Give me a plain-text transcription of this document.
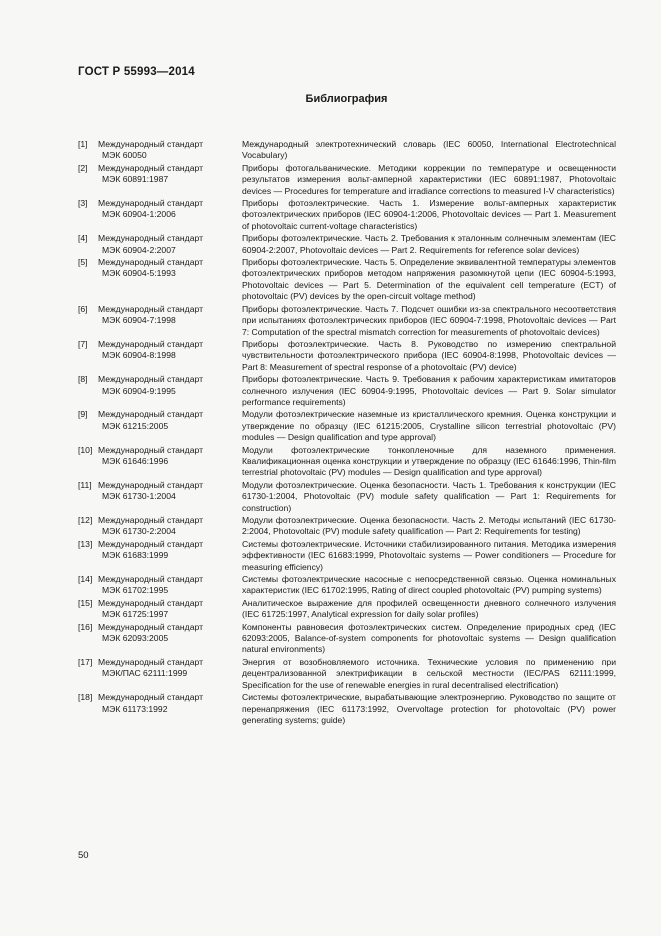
ГОСТ Р 55993—2014
Библиография
[1] Международный стандарт
МЭК 60050
Международный электротехнический словарь (IEC 60050, International Electrotechnical Vocabulary)
[2] Международный стандарт
МЭК 60891:1987
Приборы фотогальванические. Методики коррекции по температуре и освещенности результатов измерения вольт-амперной характеристики (IEC 60891:1987, Photovoltaic devices — Procedures for temperature and irradiance corrections to measured I-V characteristics)
[3] Международный стандарт
МЭК 60904-1:2006
Приборы фотоэлектрические. Часть 1. Измерение вольт-амперных характеристик фотоэлектрических приборов (IEC 60904-1:2006, Photovoltaic devices — Part 1. Measurement of photovoltaic current-voltage characteristics)
[4] Международный стандарт
МЭК 60904-2:2007
Приборы фотоэлектрические. Часть 2. Требования к эталонным солнечным элементам (IEC 60904-2:2007, Photovoltaic devices — Part 2. Requirements for reference solar devices)
[5] Международный стандарт
МЭК 60904-5:1993
Приборы фотоэлектрические. Часть 5. Определение эквивалентной температуры элементов фотоэлектрических приборов методом напряжения разомкнутой цепи (IEC 60904-5:1993, Photovoltaic devices — Part 5. Determination of the equivalent cell temperature (ECT) of photovoltaic (PV) devices by the open-circuit voltage method)
[6] Международный стандарт
МЭК 60904-7:1998
Приборы фотоэлектрические. Часть 7. Подсчет ошибки из-за спектрального несоответствия при испытаниях фотоэлектрических приборов (IEC 60904-7:1998, Photovoltaic devices — Part 7: Computation of the spectral mismatch correction for measurements of photovoltaic devices)
[7] Международный стандарт
МЭК 60904-8:1998
Приборы фотоэлектрические. Часть 8. Руководство по измерению спектральной чувствительности фотоэлектрического прибора (IEC 60904-8:1998, Photovoltaic devices — Part 8: Measurement of spectral response of a photovoltaic (PV) device)
[8] Международный стандарт
МЭК 60904-9:1995
Приборы фотоэлектрические. Часть 9. Требования к рабочим характеристикам имитаторов солнечного излучения (IEC 60904-9:1995, Photovoltaic devices — Part 9. Solar simulator performance requirements)
[9] Международный стандарт
МЭК 61215:2005
Модули фотоэлектрические наземные из кристаллического кремния. Оценка конструкции и утверждение по образцу (IEC 61215:2005, Crystalline silicon terrestrial photovoltaic (PV) modules — Design qualification and type approval)
[10] Международный стандарт
МЭК 61646:1996
Модули фотоэлектрические тонкопленочные для наземного применения. Квалификационная оценка конструкции и утверждение по образцу (IEC 61646:1996, Thin-film terrestrial photovoltaic (PV) modules — Design qualification and type approval)
[11] Международный стандарт
МЭК 61730-1:2004
Модули фотоэлектрические. Оценка безопасности. Часть 1. Требования к конструкции (IEC 61730-1:2004, Photovoltaic (PV) module safety qualification — Part 1: Requirements for construction)
[12] Международный стандарт
МЭК 61730-2:2004
Модули фотоэлектрические. Оценка безопасности. Часть 2. Методы испытаний (IEC 61730-2:2004, Photovoltaic (PV) module safety qualification — Part 2: Requirements for testing)
[13] Международный стандарт
МЭК 61683:1999
Системы фотоэлектрические. Источники стабилизированного питания. Методика измерения эффективности (IEC 61683:1999, Photovoltaic systems — Power conditioners — Procedure for measuring efficiency)
[14] Международный стандарт
МЭК 61702:1995
Системы фотоэлектрические насосные с непосредственной связью. Оценка номинальных характеристик (IEC 61702:1995, Rating of direct coupled photovoltaic (PV) pumping systems)
[15] Международный стандарт
МЭК 61725:1997
Аналитическое выражение для профилей освещенности дневного солнечного излучения (IEC 61725:1997, Analytical expression for daily solar profiles)
[16] Международный стандарт
МЭК 62093:2005
Компоненты равновесия фотоэлектрических систем. Определение природных сред (IEC 62093:2005, Balance-of-system components for photovoltaic systems — Design qualification natural environments)
[17] Международный стандарт
МЭК/ПАС 62111:1999
Энергия от возобновляемого источника. Технические условия по применению при децентрализованной электрификации в сельской местности (IEC/PAS 62111:1999, Specification for the use of renewable energies in rural decentralised electrification)
[18] Международный стандарт
МЭК 61173:1992
Системы фотоэлектрические, вырабатывающие электроэнергию. Руководство по защите от перенапряжения (IEC 61173:1992, Overvoltage protection for photovoltaic (PV) power generating systems; guide)
50
